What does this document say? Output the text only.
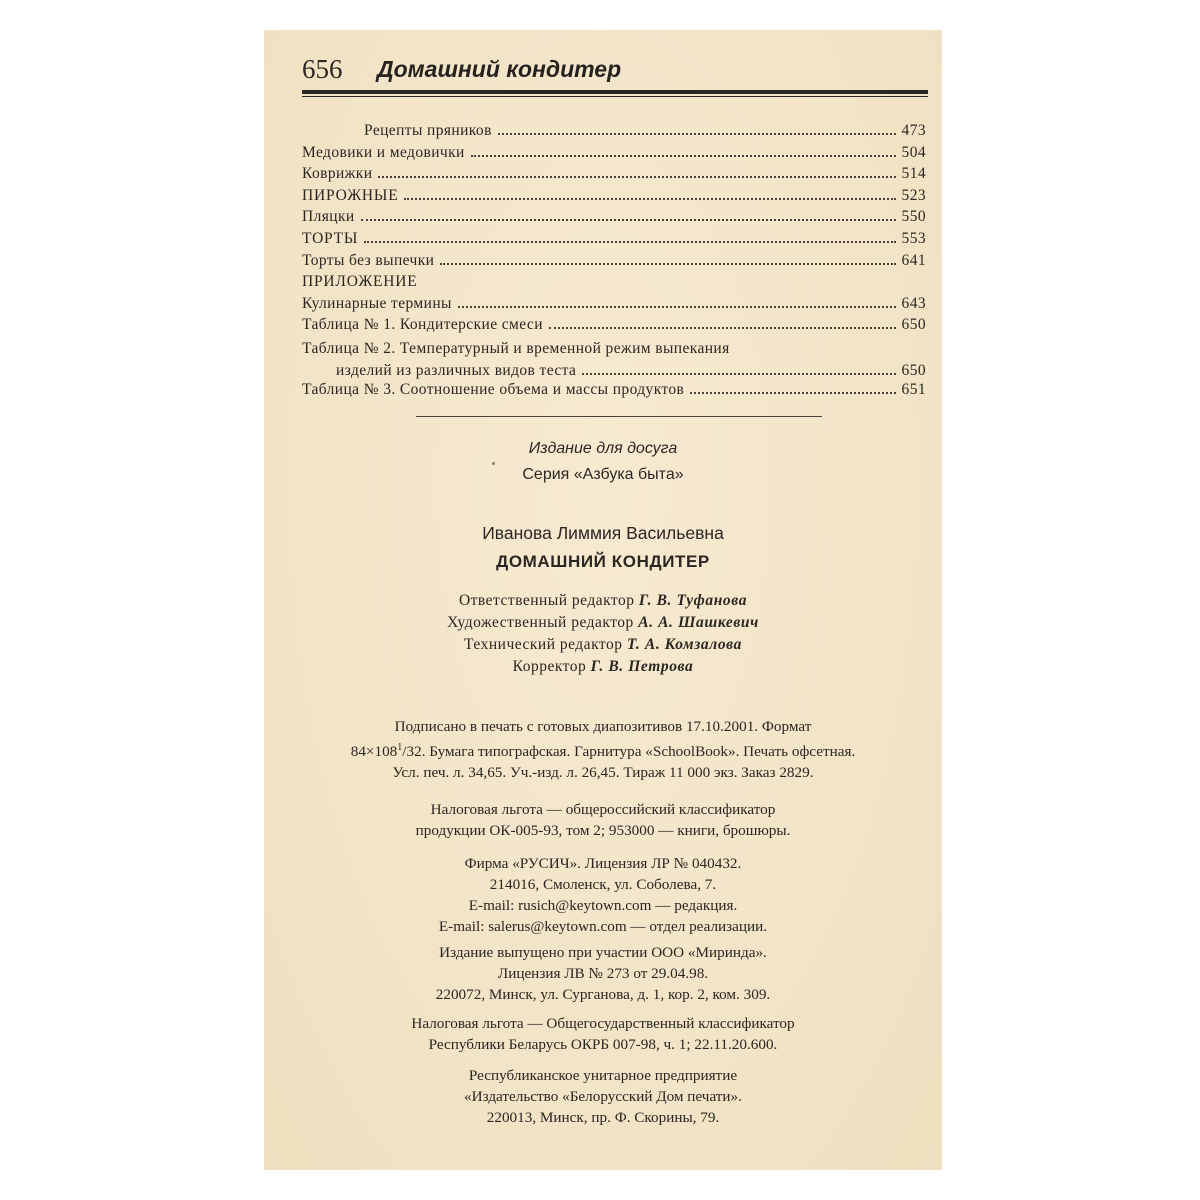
656 Домашний кондитер
Рецепты пряников	473
Медовики и медовички	504
Коврижки	514
ПИРОЖНЫЕ	523
Пляцки	550
ТОРТЫ	553
Торты без выпечки	641
ПРИЛОЖЕНИЕ
Кулинарные термины	643
Таблица № 1. Кондитерские смеси	650
Таблица № 2. Температурный и временной режим выпекания
изделий из различных видов теста	650
Таблица № 3. Соотношение объема и массы продуктов	651
Издание для досуга
Серия «Азбука быта»
Иванова Лиммия Васильевна
ДОМАШНИЙ КОНДИТЕР
Ответственный редактор Г. В. Туфанова
Художественный редактор А. А. Шашкевич
Технический редактор Т. А. Комзалова
Корректор Г. В. Петрова
Подписано в печать с готовых диапозитивов 17.10.2001. Формат
$84\times 108^1/32$. Бумага типографская. Гарнитура «SchoolBook». Печать офсетная.
Усл. печ. л. 34,65. Уч.-изд. л. 26,45. Тираж 11 000 экз. Заказ 2829.
Налоговая льгота — общероссийский классификатор
продукции ОК-005-93, том 2; 953000 — книги, брошюры.
Фирма «РУСИЧ». Лицензия ЛР № 040432.
214016, Смоленск, ул. Соболева, 7.
E-mail: rusich@keytown.com — редакция.
E-mail: salerus@keytown.com — отдел реализации.
Издание выпущено при участии ООО «Миринда».
Лицензия ЛВ № 273 от 29.04.98.
220072, Минск, ул. Сурганова, д. 1, кор. 2, ком. 309.
Налоговая льгота — Общегосударственный классификатор
Республики Беларусь ОКРБ 007-98, ч. 1; 22.11.20.600.
Республиканское унитарное предприятие
«Издательство «Белорусский Дом печати».
220013, Минск, пр. Ф. Скорины, 79.
